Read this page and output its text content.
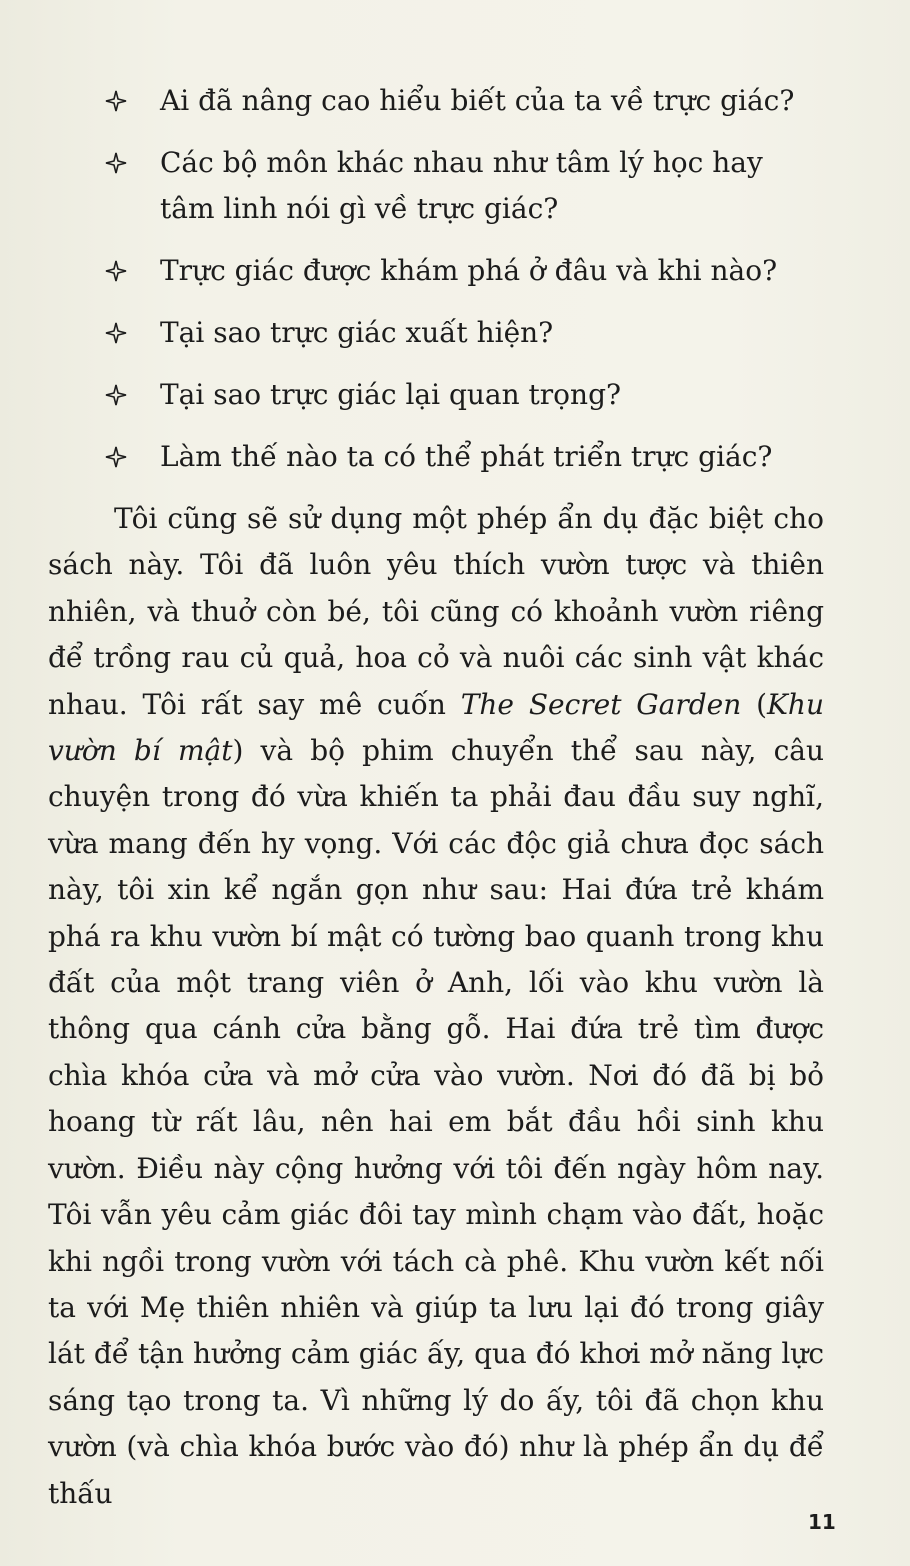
Ai đã nâng cao hiểu biết của ta về trực giác?
Các bộ môn khác nhau như tâm lý học hay tâm linh nói gì về trực giác?
Trực giác được khám phá ở đâu và khi nào?
Tại sao trực giác xuất hiện?
Tại sao trực giác lại quan trọng?
Làm thế nào ta có thể phát triển trực giác?

Tôi cũng sẽ sử dụng một phép ẩn dụ đặc biệt cho sách này. Tôi đã luôn yêu thích vườn tược và thiên nhiên, và thuở còn bé, tôi cũng có khoảnh vườn riêng để trồng rau củ quả, hoa cỏ và nuôi các sinh vật khác nhau. Tôi rất say mê cuốn The Secret Garden (Khu vườn bí mật) và bộ phim chuyển thể sau này, câu chuyện trong đó vừa khiến ta phải đau đầu suy nghĩ, vừa mang đến hy vọng. Với các độc giả chưa đọc sách này, tôi xin kể ngắn gọn như sau: Hai đứa trẻ khám phá ra khu vườn bí mật có tường bao quanh trong khu đất của một trang viên ở Anh, lối vào khu vườn là thông qua cánh cửa bằng gỗ. Hai đứa trẻ tìm được chìa khóa cửa và mở cửa vào vườn. Nơi đó đã bị bỏ hoang từ rất lâu, nên hai em bắt đầu hồi sinh khu vườn. Điều này cộng hưởng với tôi đến ngày hôm nay. Tôi vẫn yêu cảm giác đôi tay mình chạm vào đất, hoặc khi ngồi trong vườn với tách cà phê. Khu vườn kết nối ta với Mẹ thiên nhiên và giúp ta lưu lại đó trong giây lát để tận hưởng cảm giác ấy, qua đó khơi mở năng lực sáng tạo trong ta. Vì những lý do ấy, tôi đã chọn khu vườn (và chìa khóa bước vào đó) như là phép ẩn dụ để thấu

11
